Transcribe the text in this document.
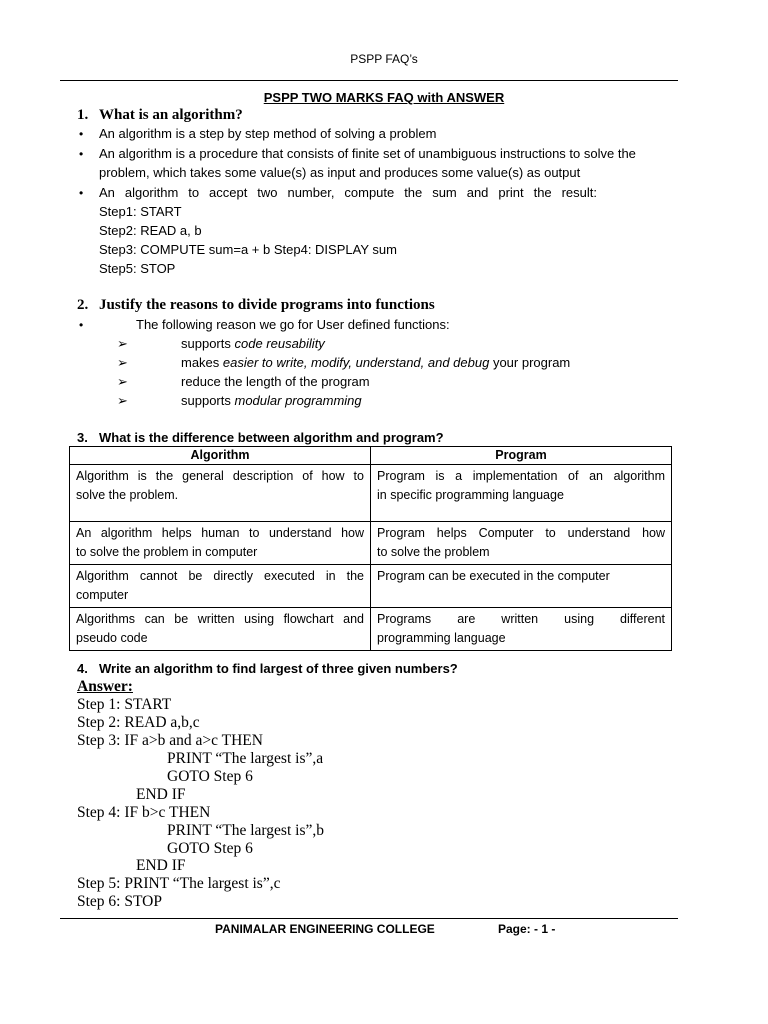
PSPP FAQ’s
PSPP TWO MARKS FAQ with ANSWER
1. What is an algorithm?
• An algorithm is a step by step method of solving a problem
• An algorithm is a procedure that consists of finite set of unambiguous instructions to solve the
problem, which takes some value(s) as input and produces some value(s) as output
• An algorithm to accept two number, compute the sum and print the result:
Step1: START
Step2: READ a, b
Step3: COMPUTE sum=a + b Step4: DISPLAY sum
Step5: STOP
2. Justify the reasons to divide programs into functions
•	The following reason we go for User defined functions:
➢	supports code reusability
➢	makes easier to write, modify, understand, and debug your program
➢	reduce the length of the program
➢	supports modular programming
3. What is the difference between algorithm and program?
Algorithm	Program

Algorithm is the general description of how to
solve the problem.	Program is a implementation of an algorithm
in specific programming language

An algorithm helps human to understand how
to solve the problem in computer	Program helps Computer to understand how
to solve the problem

Algorithm cannot be directly executed in the
computer	Program can be executed in the computer

Algorithms can be written using flowchart and
pseudo code	Programs are written using different
programming language
4. Write an algorithm to find largest of three given numbers?
Answer:
Step 1: START
Step 2: READ a,b,c
Step 3: IF a>b and a>c THEN
PRINT “The largest is”,a
GOTO Step 6
END IF
Step 4: IF b>c THEN
PRINT “The largest is”,b
GOTO Step 6
END IF
Step 5: PRINT “The largest is”,c
Step 6: STOP
PANIMALAR ENGINEERING COLLEGE	Page: - 1 -
